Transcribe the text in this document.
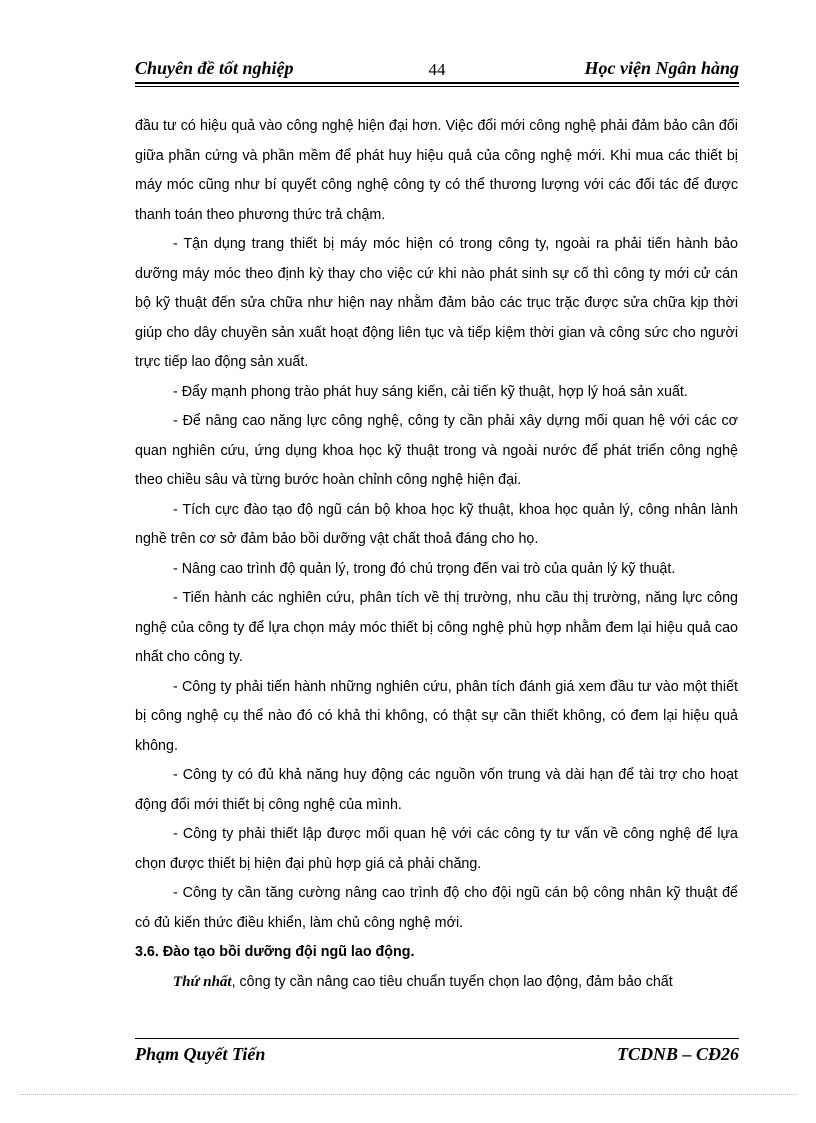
Chuyên đề tốt nghiệp	44	Học viện Ngân hàng

đầu tư có hiệu quả vào công nghệ hiện đại hơn. Việc đổi mới công nghệ phải đảm bảo cân đối giữa phần cứng và phần mềm để phát huy hiệu quả của công nghệ mới. Khi mua các thiết bị máy móc cũng như bí quyết công nghệ công ty có thể thương lượng với các đối tác để được thanh toán theo phương thức trả chậm.

- Tận dụng trang thiết bị máy móc hiện có trong công ty, ngoài ra phải tiến hành bảo dưỡng máy móc theo định kỳ thay cho việc cứ khi nào phát sinh sự cố thì công ty mới cử cán bộ kỹ thuật đến sửa chữa như hiện nay nhằm đảm bảo các trục trặc được sửa chữa kịp thời giúp cho dây chuyền sản xuất hoạt động liên tục và tiếp kiệm thời gian và công sức cho người trực tiếp lao động sản xuất.

- Đẩy mạnh phong trào phát huy sáng kiến, cải tiến kỹ thuật, hợp lý hoá sản xuất.

- Để nâng cao năng lực công nghệ, công ty cần phải xây dựng mối quan hệ với các cơ quan nghiên cứu, ứng dụng khoa học kỹ thuật trong và ngoài nước để phát triển công nghệ theo chiều sâu và từng bước hoàn chỉnh công nghệ hiện đại.

- Tích cực đào tạo độ ngũ cán bộ khoa học kỹ thuật, khoa học quản lý, công nhân lành nghề trên cơ sở đảm bảo bồi dưỡng vật chất thoả đáng cho họ.

- Nâng cao trình độ quản lý, trong đó chú trọng đến vai trò của quản lý kỹ thuật.

- Tiến hành các nghiên cứu, phân tích về thị trường, nhu cầu thị trường, năng lực công nghệ của công ty để lựa chọn máy móc thiết bị công nghệ phù hợp nhằm đem lại hiệu quả cao nhất cho công ty.

- Công ty phải tiến hành những nghiên cứu, phân tích đánh giá xem đầu tư vào một thiết bị công nghệ cụ thể nào đó có khả thi không, có thật sự cần thiết không, có đem lại hiệu quả không.

- Công ty có đủ khả năng huy động các nguồn vốn trung và dài hạn để tài trợ cho hoạt động đổi mới thiết bị công nghệ của mình.

- Công ty phải thiết lập được mối quan hệ với các công ty tư vấn về công nghệ để lựa chọn được thiết bị hiện đại phù hợp giá cả phải chăng.

- Công ty cần tăng cường nâng cao trình độ cho đội ngũ cán bộ công nhân kỹ thuật để có đủ kiến thức điều khiển, làm chủ công nghệ mới.

3.6. Đào tạo bồi dưỡng đội ngũ lao động.

Thứ nhất, công ty cần nâng cao tiêu chuẩn tuyển chọn lao động, đảm bảo chất

Phạm Quyết Tiến	TCDNB – CĐ26
